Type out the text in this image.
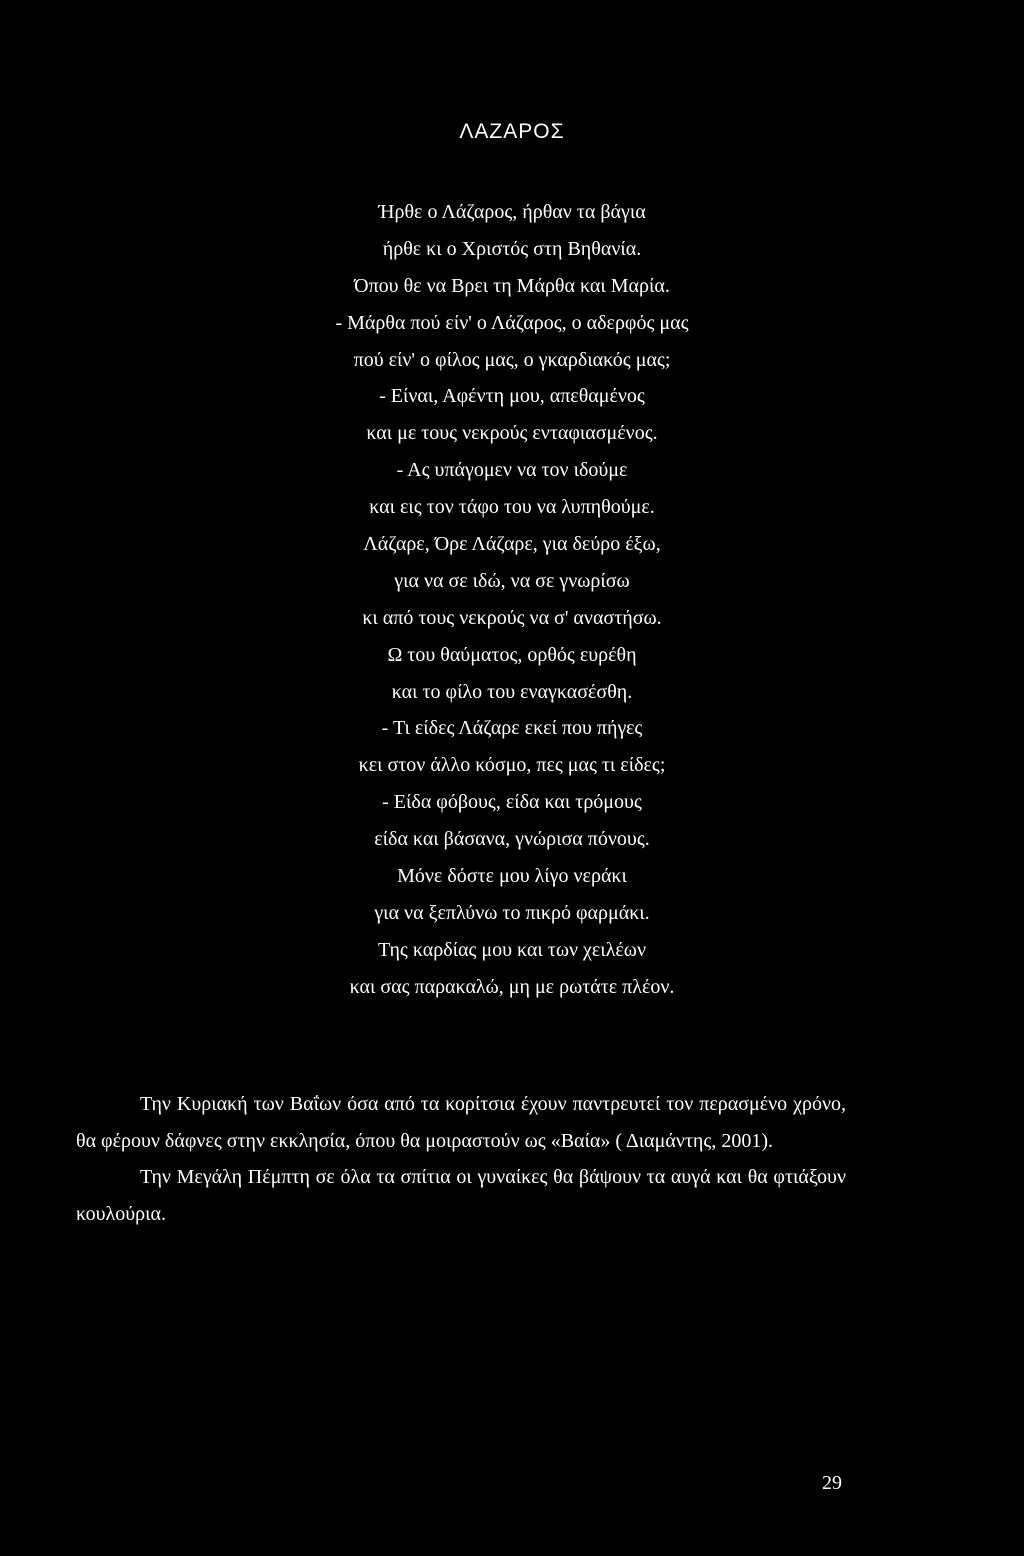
ΛΑΖΑΡΟΣ
Ήρθε ο Λάζαρος, ήρθαν τα βάγια
ήρθε κι ο Χριστός στη Βηθανία.
Όπου θε να Βρει τη Μάρθα και Μαρία.
- Μάρθα πού είν' ο Λάζαρος, ο αδερφός μας
πού είν' ο φίλος μας, ο γκαρδιακός μας;
- Είναι, Αφέντη μου, απεθαμένος
και με τους νεκρούς ενταφιασμένος.
- Ας υπάγομεν να τον ιδούμε
και εις τον τάφο του να λυπηθούμε.
Λάζαρε, Όρε Λάζαρε, για δεύρο έξω,
για να σε ιδώ, να σε γνωρίσω
κι από τους νεκρούς να σ' αναστήσω.
Ω του θαύματος, ορθός ευρέθη
και το φίλο του εναγκασέσθη.
- Τι είδες Λάζαρε εκεί που πήγες
κει στον άλλο κόσμο, πες μας τι είδες;
- Είδα φόβους, είδα και τρόμους
είδα και βάσανα, γνώρισα πόνους.
Μόνε δόστε μου λίγο νεράκι
για να ξεπλύνω το πικρό φαρμάκι.
Της καρδίας μου και των χειλέων
και σας παρακαλώ, μη με ρωτάτε πλέον.

Την Κυριακή των Βαΐων όσα από τα κορίτσια έχουν παντρευτεί τον περασμένο χρόνο, θα φέρουν δάφνες στην εκκλησία, όπου θα μοιραστούν ως «Βαία» ( Διαμάντης, 2001).

Την Μεγάλη Πέμπτη σε όλα τα σπίτια οι γυναίκες θα βάψουν τα αυγά και θα φτιάξουν κουλούρια.

29
